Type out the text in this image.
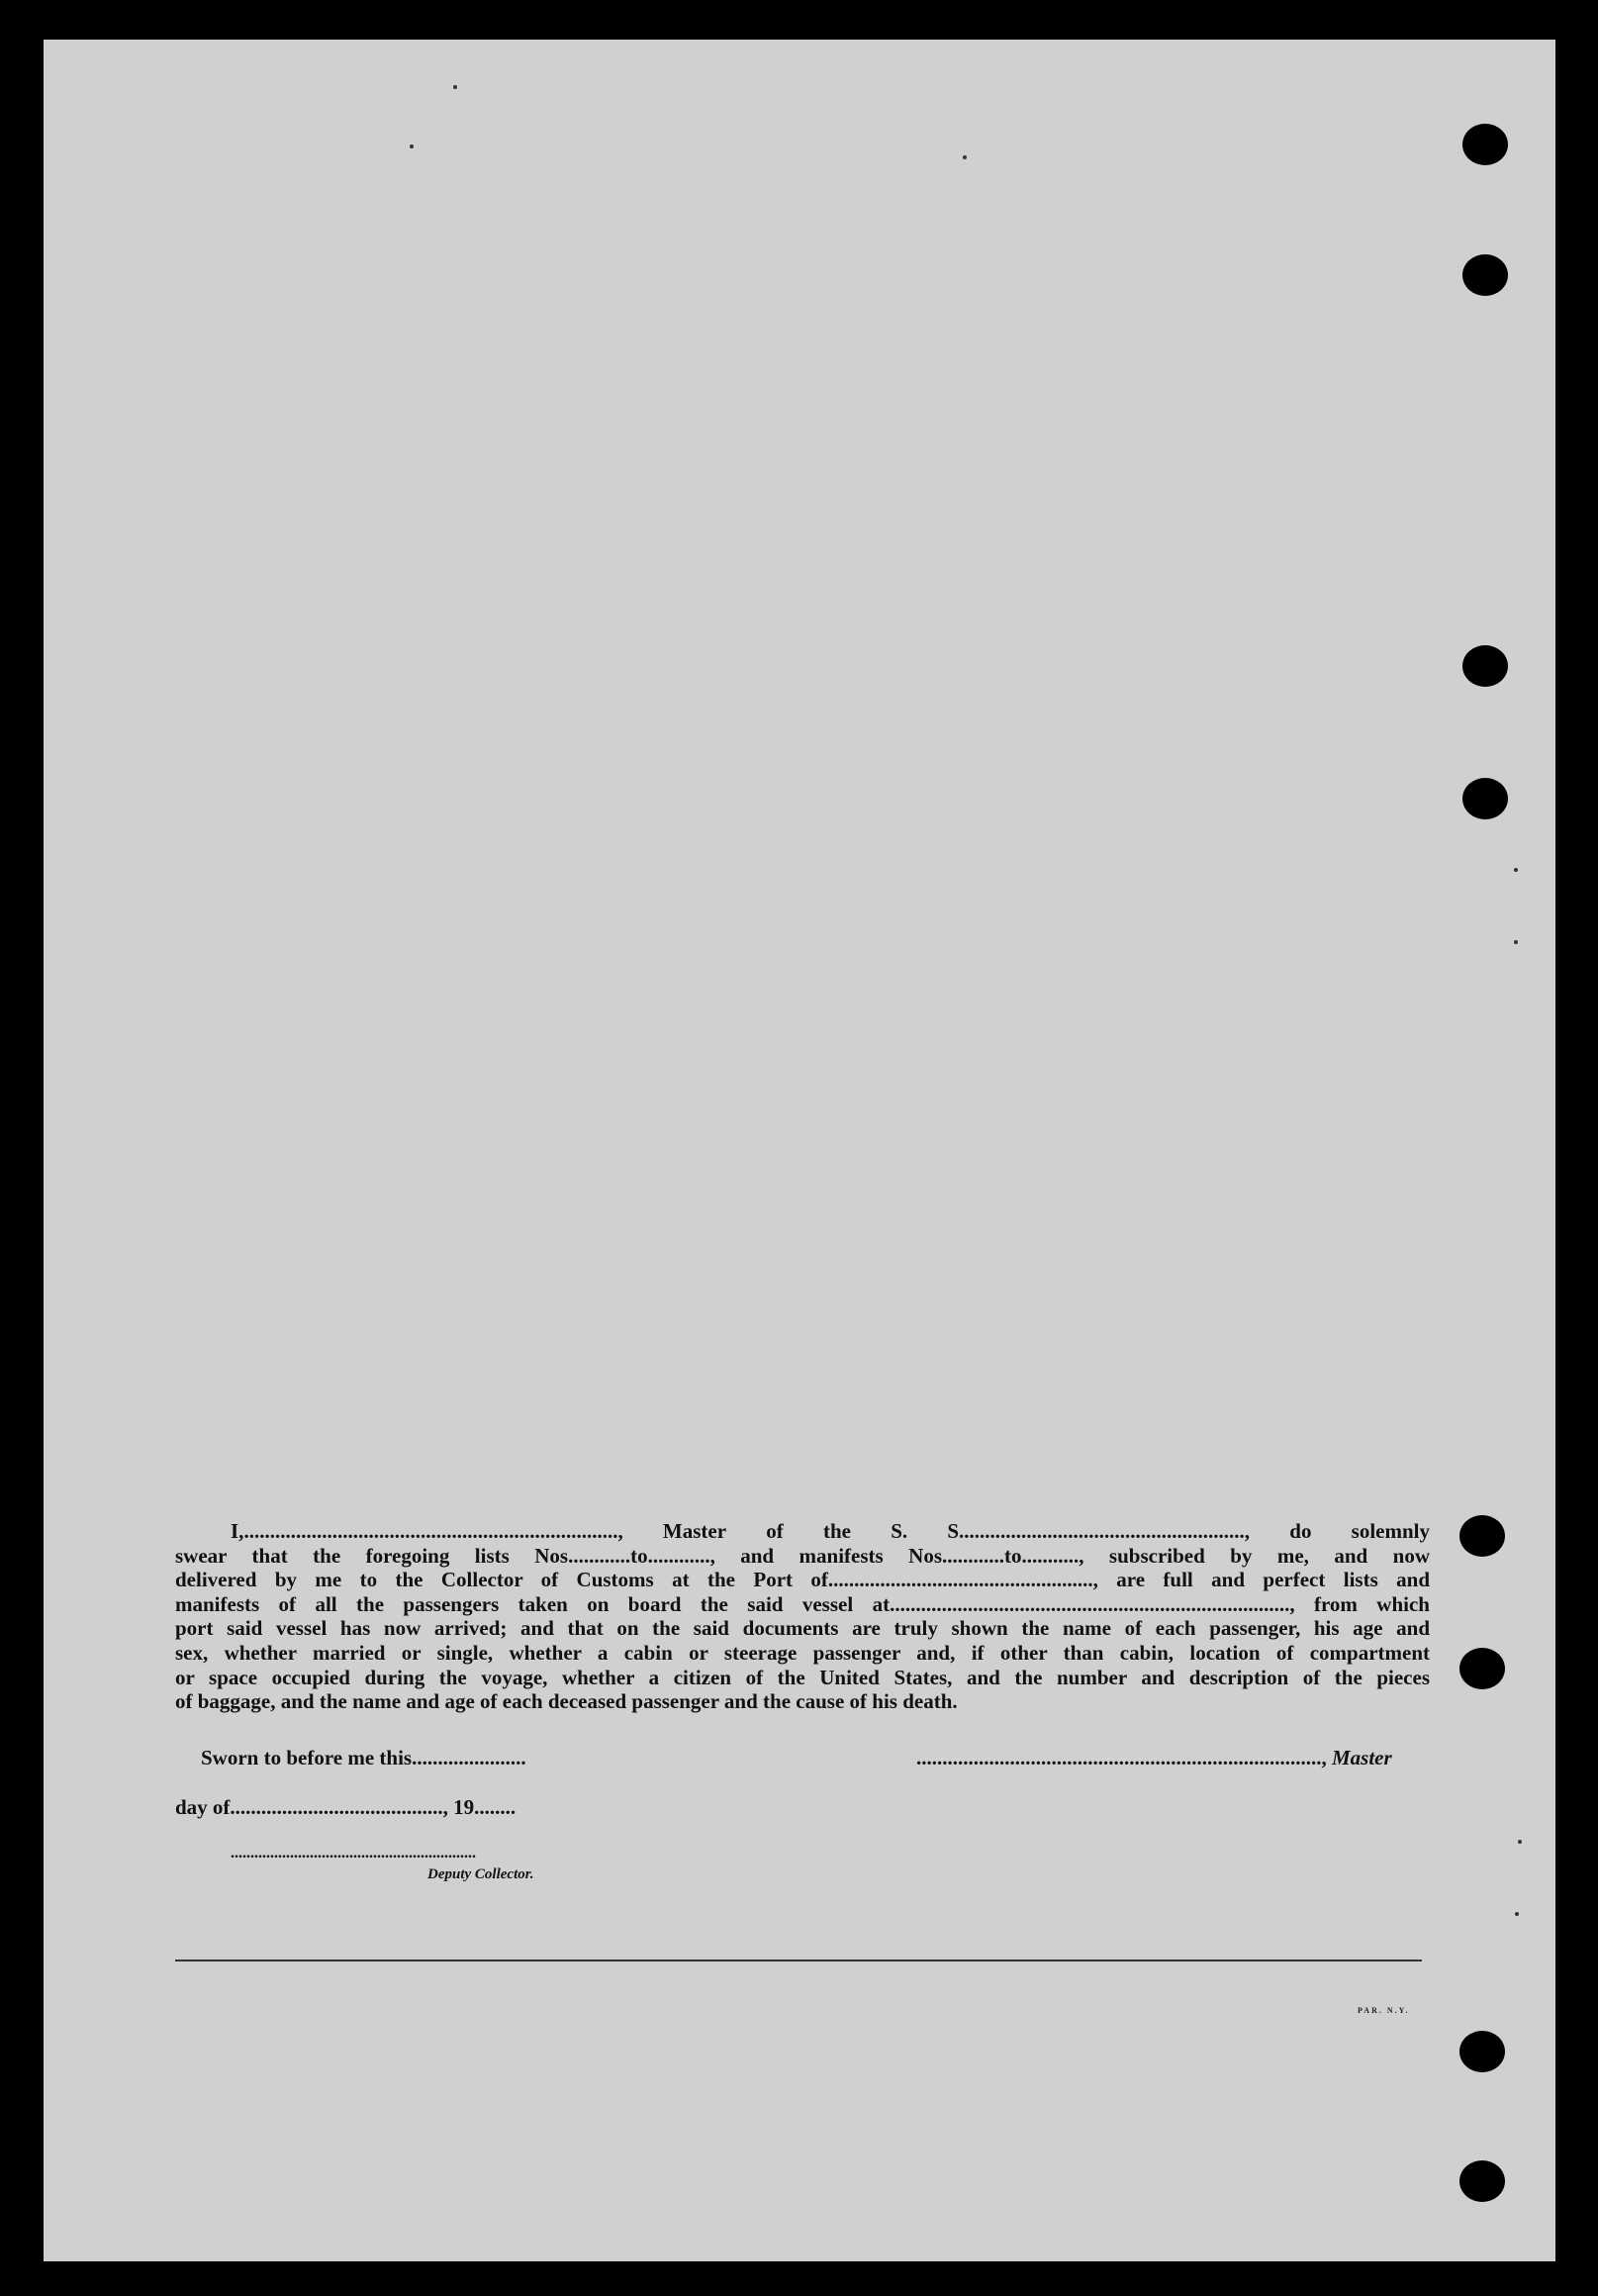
I,........................................................................, Master of the S. S......................................................., do solemnly
swear that the foregoing lists Nos............to............, and manifests Nos............to..........., subscribed by me, and now
delivered by me to the Collector of Customs at the Port of..................................................., are full and perfect lists and
manifests of all the passengers taken on board the said vessel at............................................................................., from which
port said vessel has now arrived; and that on the said documents are truly shown the name of each passenger, his age and
sex, whether married or single, whether a cabin or steerage passenger and, if other than cabin, location of compartment
or space occupied during the voyage, whether a citizen of the United States, and the number and description of the pieces
of baggage, and the name and age of each deceased passenger and the cause of his death.
Sworn to before me this......................	.............................................................................., Master
day of........................................., 19........
..............................................................
Deputy Collector.
PAR. N.Y.
